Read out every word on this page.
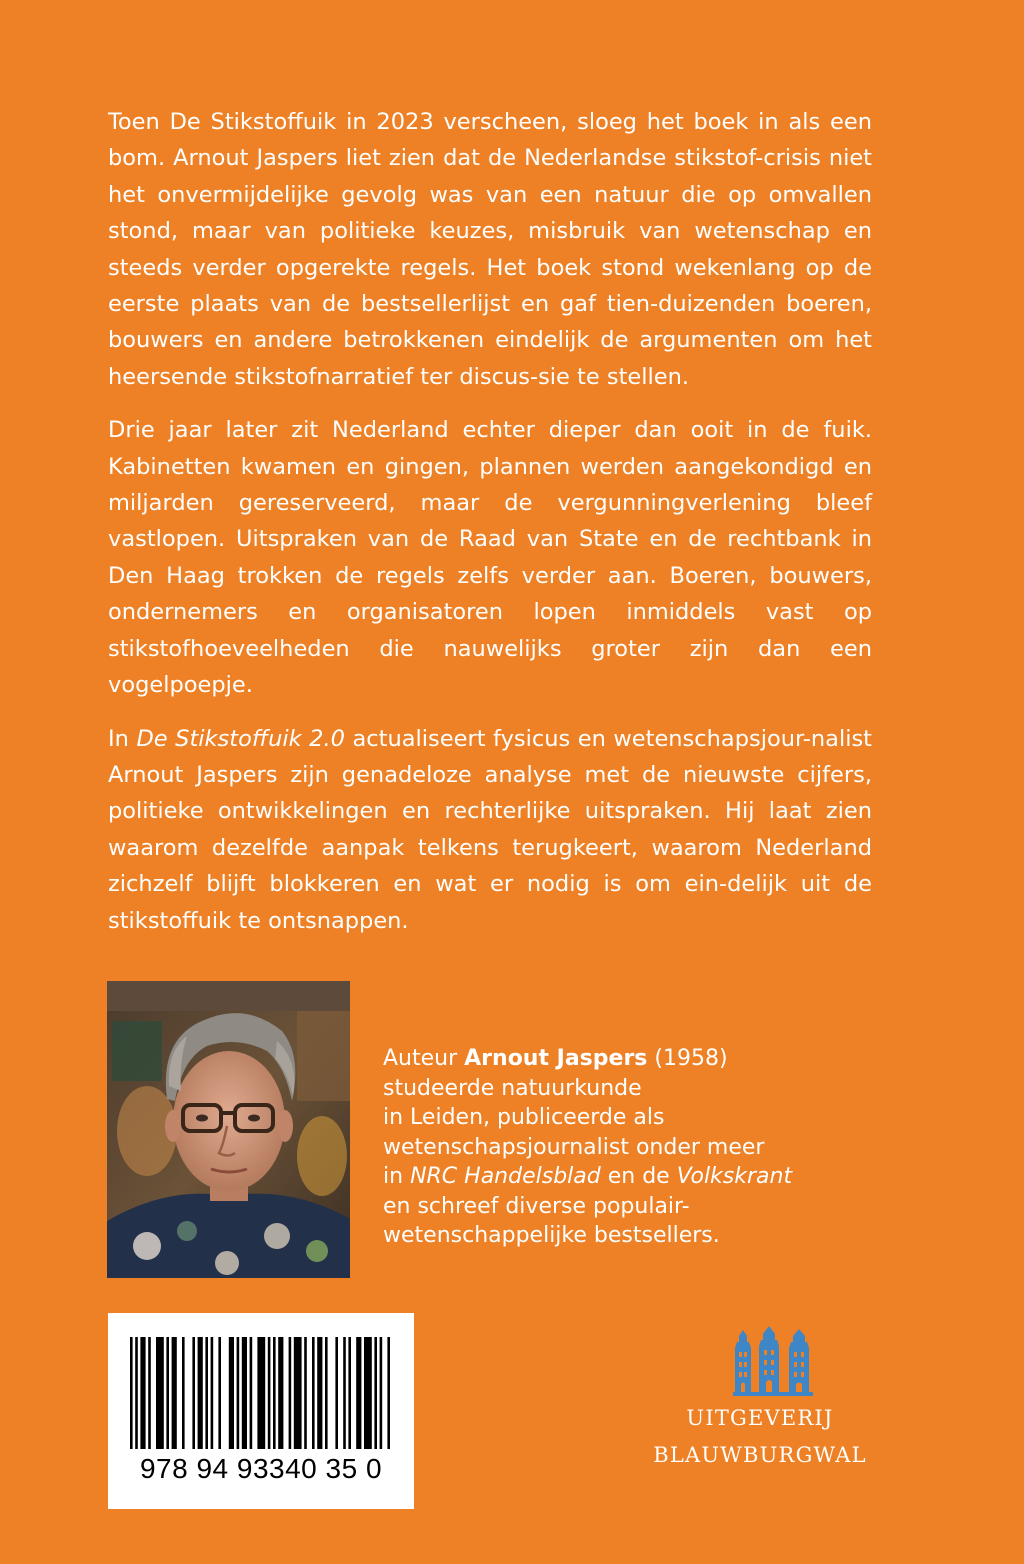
Toen De Stikstoffuik in 2023 verscheen, sloeg het boek in als een bom. Arnout Jaspers liet zien dat de Nederlandse stikstof-crisis niet het onvermijdelijke gevolg was van een natuur die op omvallen stond, maar van politieke keuzes, misbruik van wetenschap en steeds verder opgerekte regels. Het boek stond wekenlang op de eerste plaats van de bestsellerlijst en gaf tien-duizenden boeren, bouwers en andere betrokkenen eindelijk de argumenten om het heersende stikstofnarratief ter discus-sie te stellen.

Drie jaar later zit Nederland echter dieper dan ooit in de fuik. Kabinetten kwamen en gingen, plannen werden aangekondigd en miljarden gereserveerd, maar de vergunningverlening bleef vastlopen. Uitspraken van de Raad van State en de rechtbank in Den Haag trokken de regels zelfs verder aan. Boeren, bouwers, ondernemers en organisatoren lopen inmiddels vast op stikstofhoeveelheden die nauwelijks groter zijn dan een vogelpoepje.

In De Stikstoffuik 2.0 actualiseert fysicus en wetenschapsjour-nalist Arnout Jaspers zijn genadeloze analyse met de nieuwste cijfers, politieke ontwikkelingen en rechterlijke uitspraken. Hij laat zien waarom dezelfde aanpak telkens terugkeert, waarom Nederland zichzelf blijft blokkeren en wat er nodig is om ein-delijk uit de stikstoffuik te ontsnappen.

Auteur Arnout Jaspers (1958)
studeerde natuurkunde
in Leiden, publiceerde als
wetenschapsjournalist onder meer
in NRC Handelsblad en de Volkskrant
en schreef diverse populair-
wetenschappelijke bestsellers.
978 94 93340 35 0
UITGEVERIJ
BLAUWBURGWAL
